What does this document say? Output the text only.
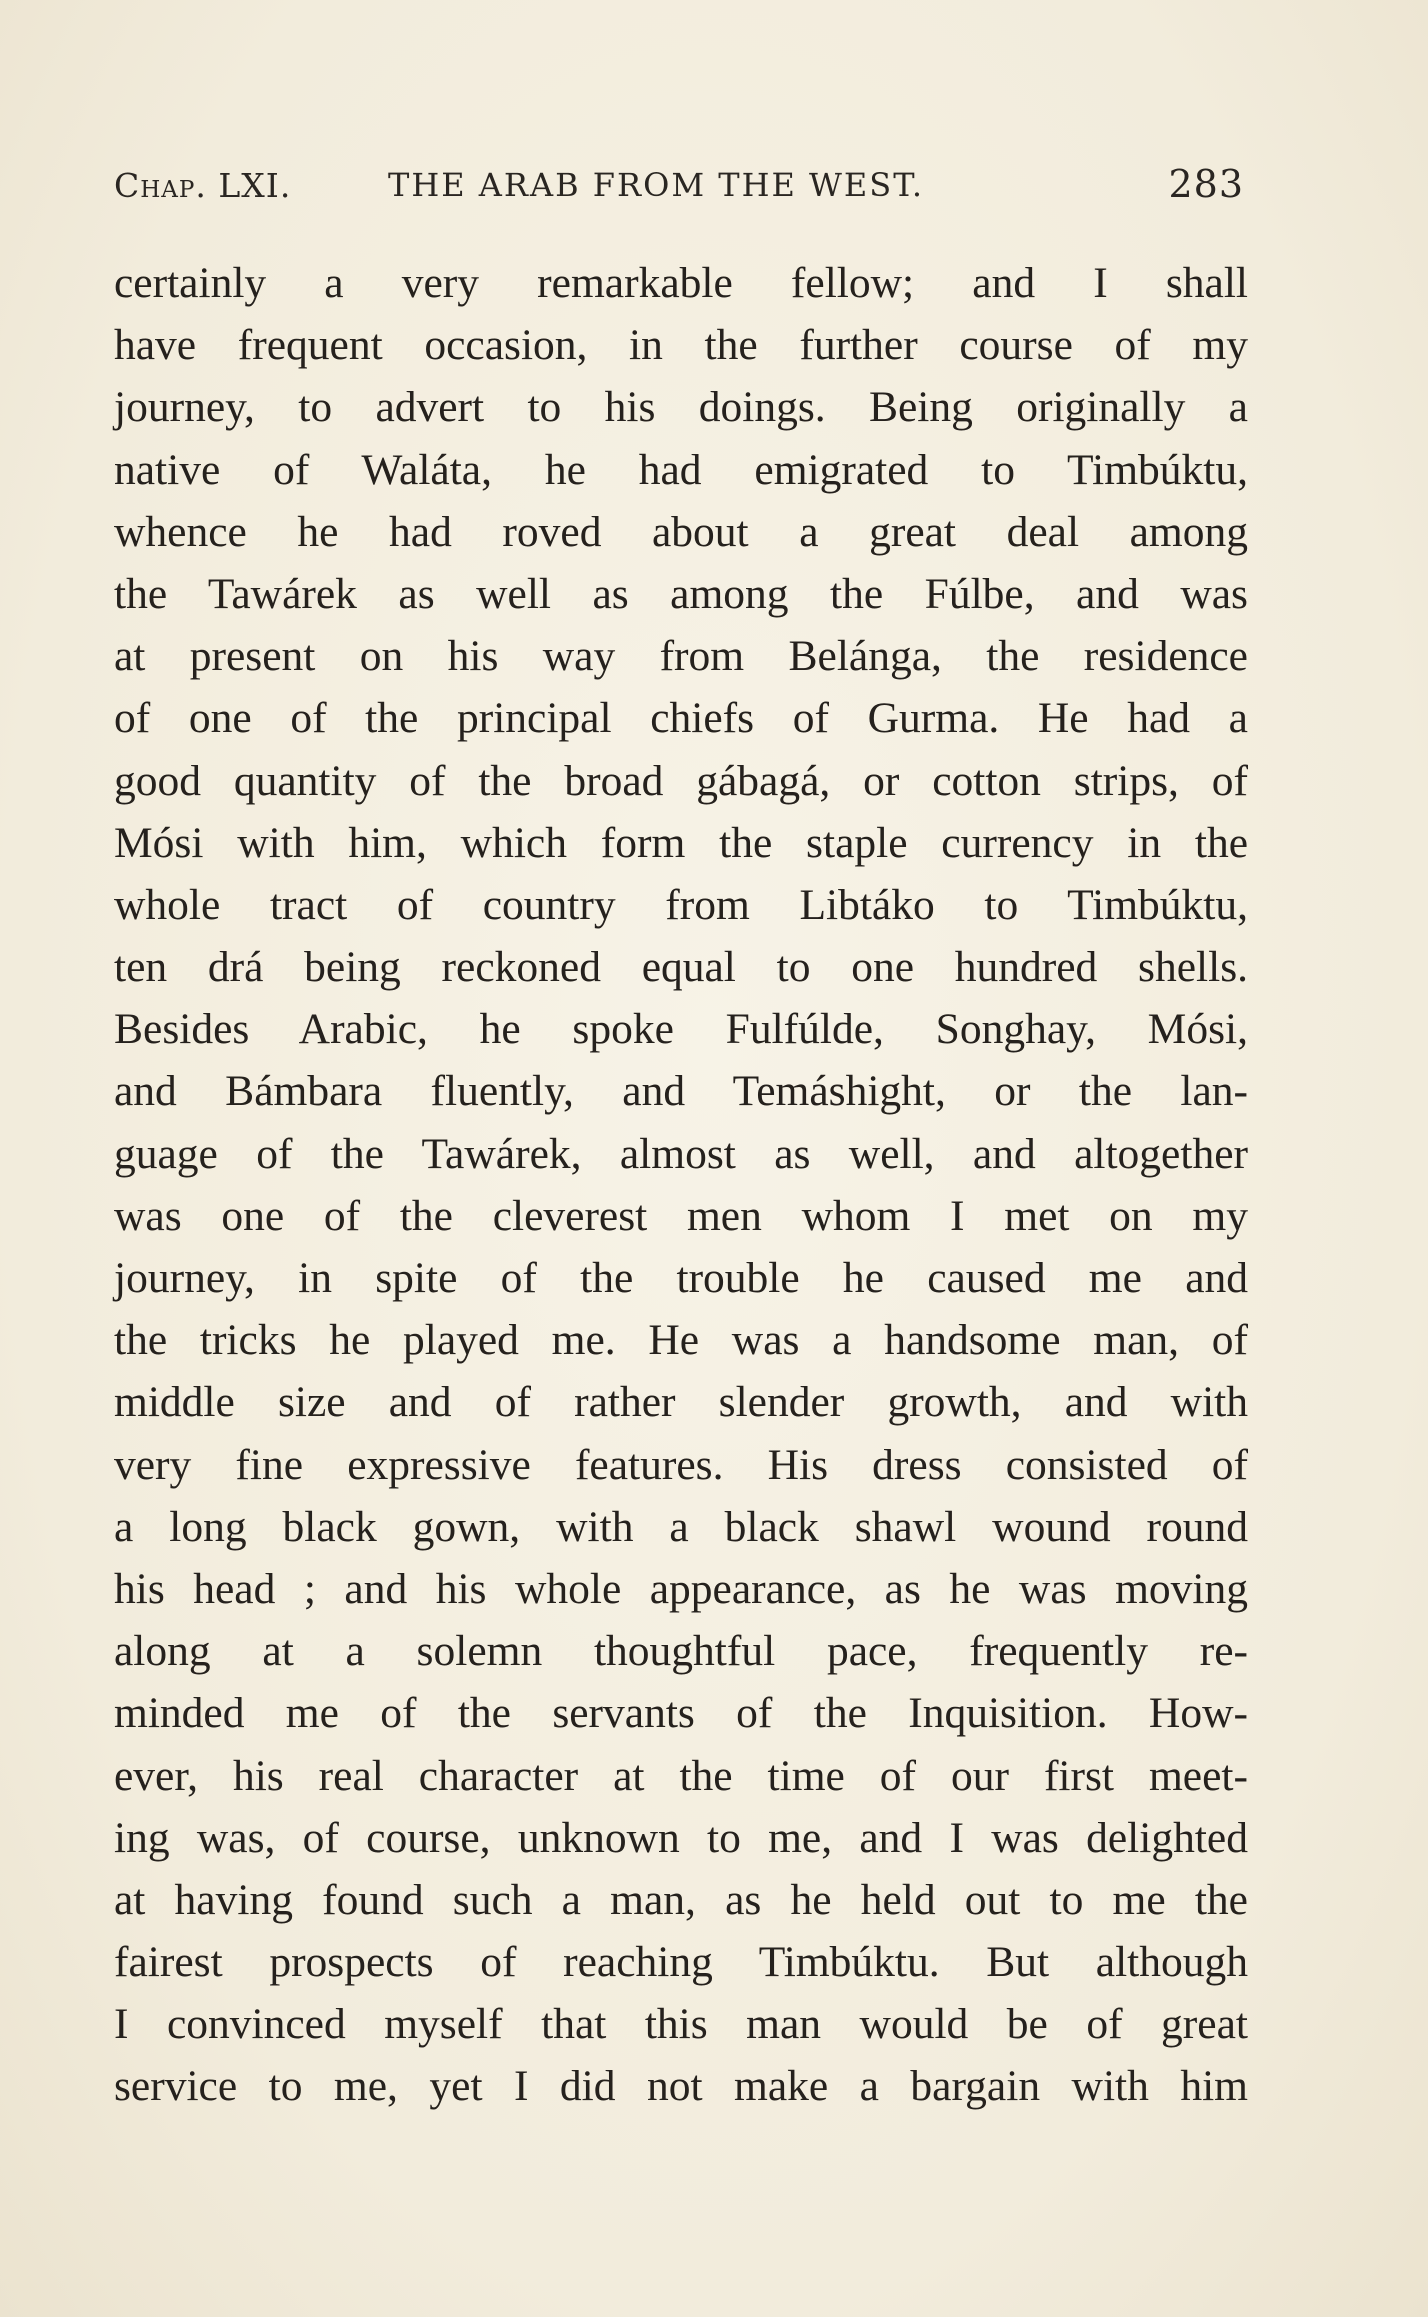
Chap. LXI.	THE ARAB FROM THE WEST.	283
certainly a very remarkable fellow; and I shall
have frequent occasion, in the further course of my
journey, to advert to his doings. Being originally a
native of Waláta, he had emigrated to Timbúktu,
whence he had roved about a great deal among
the Tawárek as well as among the Fúlbe, and was
at present on his way from Belánga, the residence
of one of the principal chiefs of Gurma. He had a
good quantity of the broad gábagá, or cotton strips, of
Mósi with him, which form the staple currency in the
whole tract of country from Libtáko to Timbúktu,
ten drá being reckoned equal to one hundred shells.
Besides Arabic, he spoke Fulfúlde, Songhay, Mósi,
and Bámbara fluently, and Temáshight, or the lan-
guage of the Tawárek, almost as well, and altogether
was one of the cleverest men whom I met on my
journey, in spite of the trouble he caused me and
the tricks he played me. He was a handsome man, of
middle size and of rather slender growth, and with
very fine expressive features. His dress consisted of
a long black gown, with a black shawl wound round
his head ; and his whole appearance, as he was moving
along at a solemn thoughtful pace, frequently re-
minded me of the servants of the Inquisition. How-
ever, his real character at the time of our first meet-
ing was, of course, unknown to me, and I was delighted
at having found such a man, as he held out to me the
fairest prospects of reaching Timbúktu. But although
I convinced myself that this man would be of great
service to me, yet I did not make a bargain with him
